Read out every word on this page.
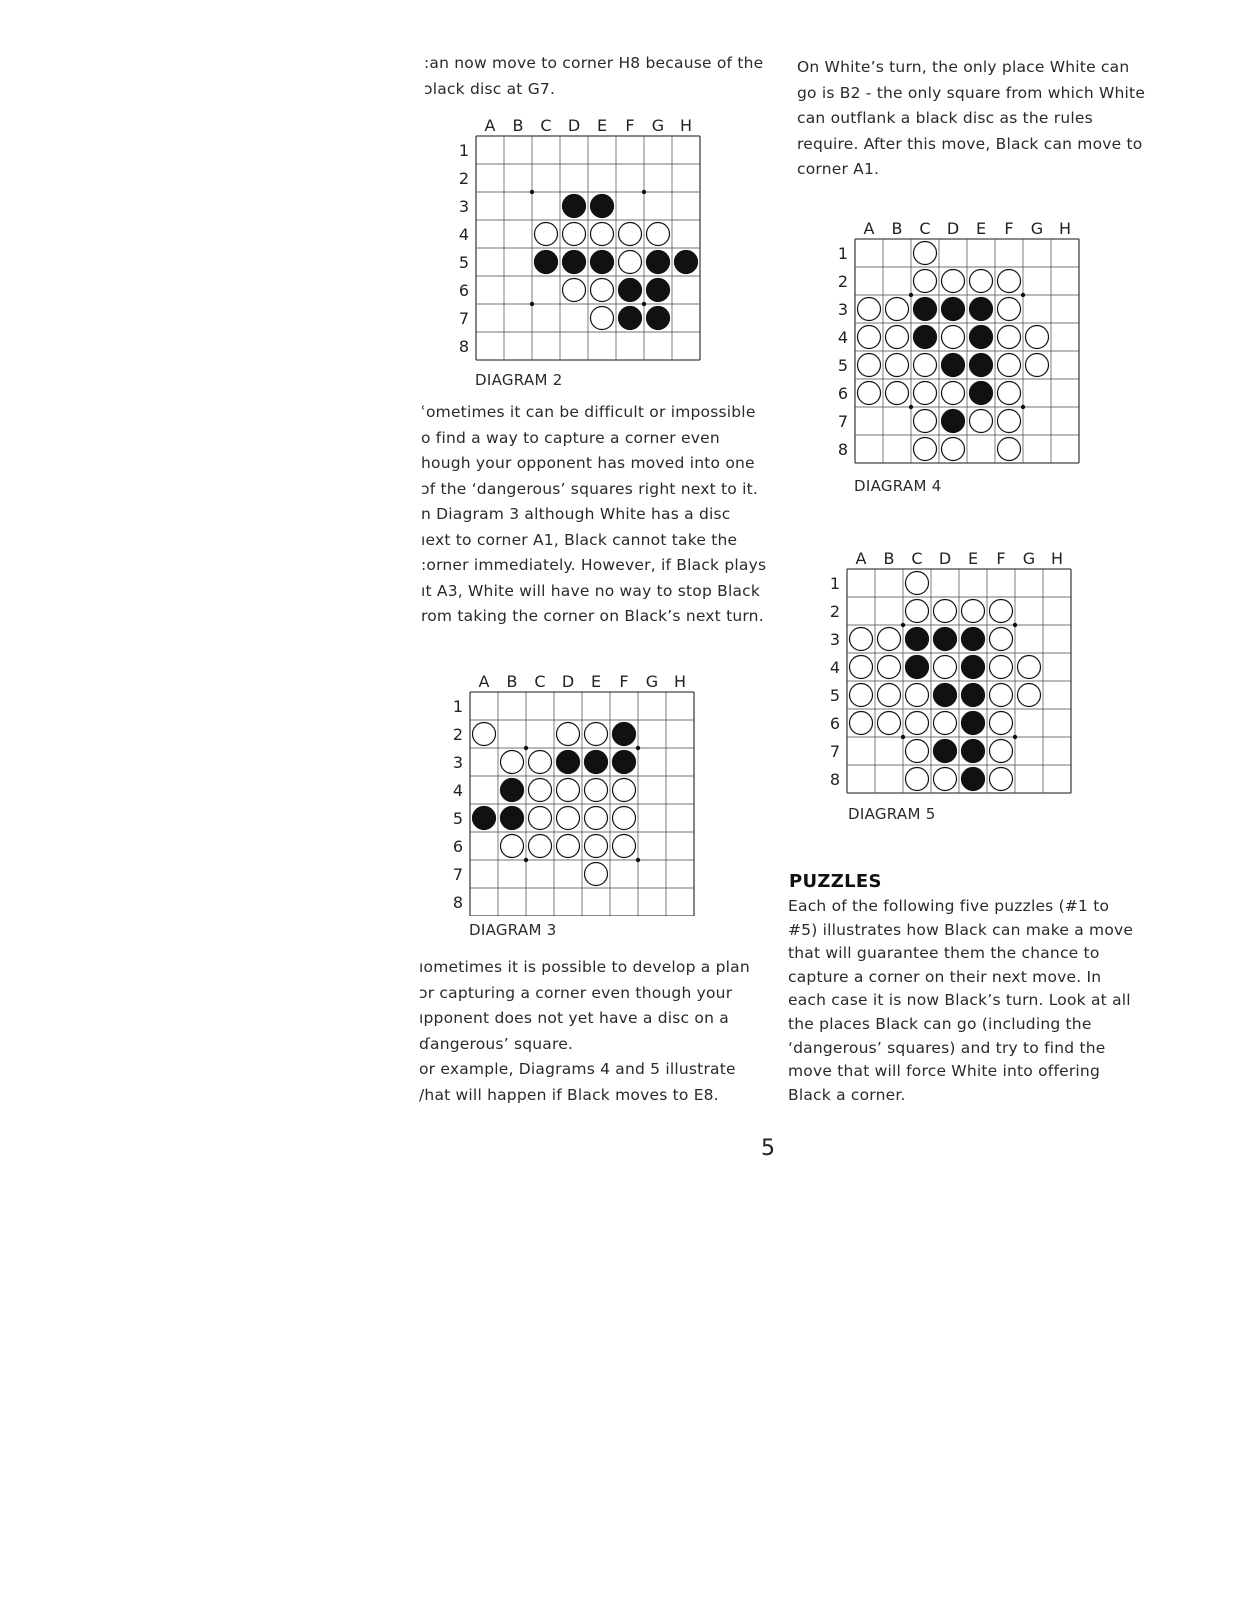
:an now move to corner H8 because of the
ɔlack disc at G7.
A B C D E F G H
1
2
3
4
5
6
7
8
DIAGRAM 2
ʿometimes it can be difficult or impossible
o find a way to capture a corner even
hough your opponent has moved into one
ɔf the ‘dangerous’ squares right next to it.
n Diagram 3 although White has a disc
ıext to corner A1, Black cannot take the
:orner immediately. However, if Black plays
ıt A3, White will have no way to stop Black
rom taking the corner on Black’s next turn.
A B C D E F G H
1
2
3
4
5
6
7
8
DIAGRAM 3
ıometimes it is possible to develop a plan
ɔr capturing a corner even though your
ıpponent does not yet have a disc on a
ɗangerous’ square.
or example, Diagrams 4 and 5 illustrate
/hat will happen if Black moves to E8.
On White’s turn, the only place White can
go is B2 - the only square from which White
can outflank a black disc as the rules
require. After this move, Black can move to
corner A1.
A B C D E F G H
1
2
3
4
5
6
7
8
DIAGRAM 4
A B C D E F G H
1
2
3
4
5
6
7
8
DIAGRAM 5
PUZZLES
Each of the following five puzzles (#1 to
#5) illustrates how Black can make a move
that will guarantee them the chance to
capture a corner on their next move. In
each case it is now Black’s turn. Look at all
the places Black can go (including the
‘dangerous’ squares) and try to find the
move that will force White into offering
Black a corner.
5
